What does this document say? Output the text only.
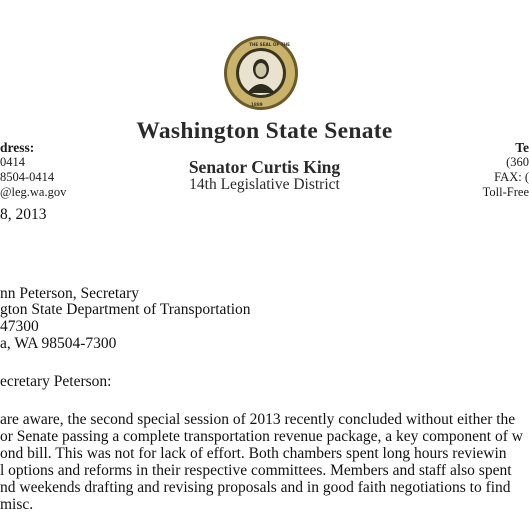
THE SEAL OF THE
1889
Washington State Senate
Senator Curtis King
14th Legislative District
dress:
0414
8504-0414
@leg.wa.gov
Te
(360
FAX: (
Toll-Free
8, 2013
nn Peterson, Secretary
gton State Department of Transportation
47300
a, WA 98504-7300
ecretary Peterson:
are aware, the second special session of 2013 recently concluded without either the
or Senate passing a complete transportation revenue package, a key component of w
ond bill. This was not for lack of effort. Both chambers spent long hours reviewin
l options and reforms in their respective committees. Members and staff also spent
nd weekends drafting and revising proposals and in good faith negotiations to find
misc.
